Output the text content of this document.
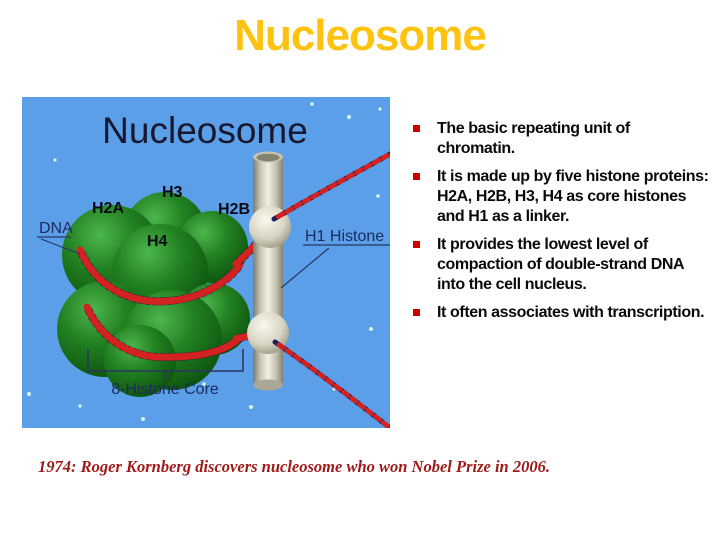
Nucleosome
Nucleosome
DNA
H2A
H3
H4
H2B
8-Histone Core
H1 Histone
The basic repeating unit of chromatin.
It is made up by five histone proteins: H2A, H2B, H3, H4 as core histones and H1 as a linker.
It provides the lowest level of compaction of double-strand DNA into the cell nucleus.
It often associates with transcription.

1974: Roger Kornberg discovers nucleosome who won Nobel Prize in 2006.
